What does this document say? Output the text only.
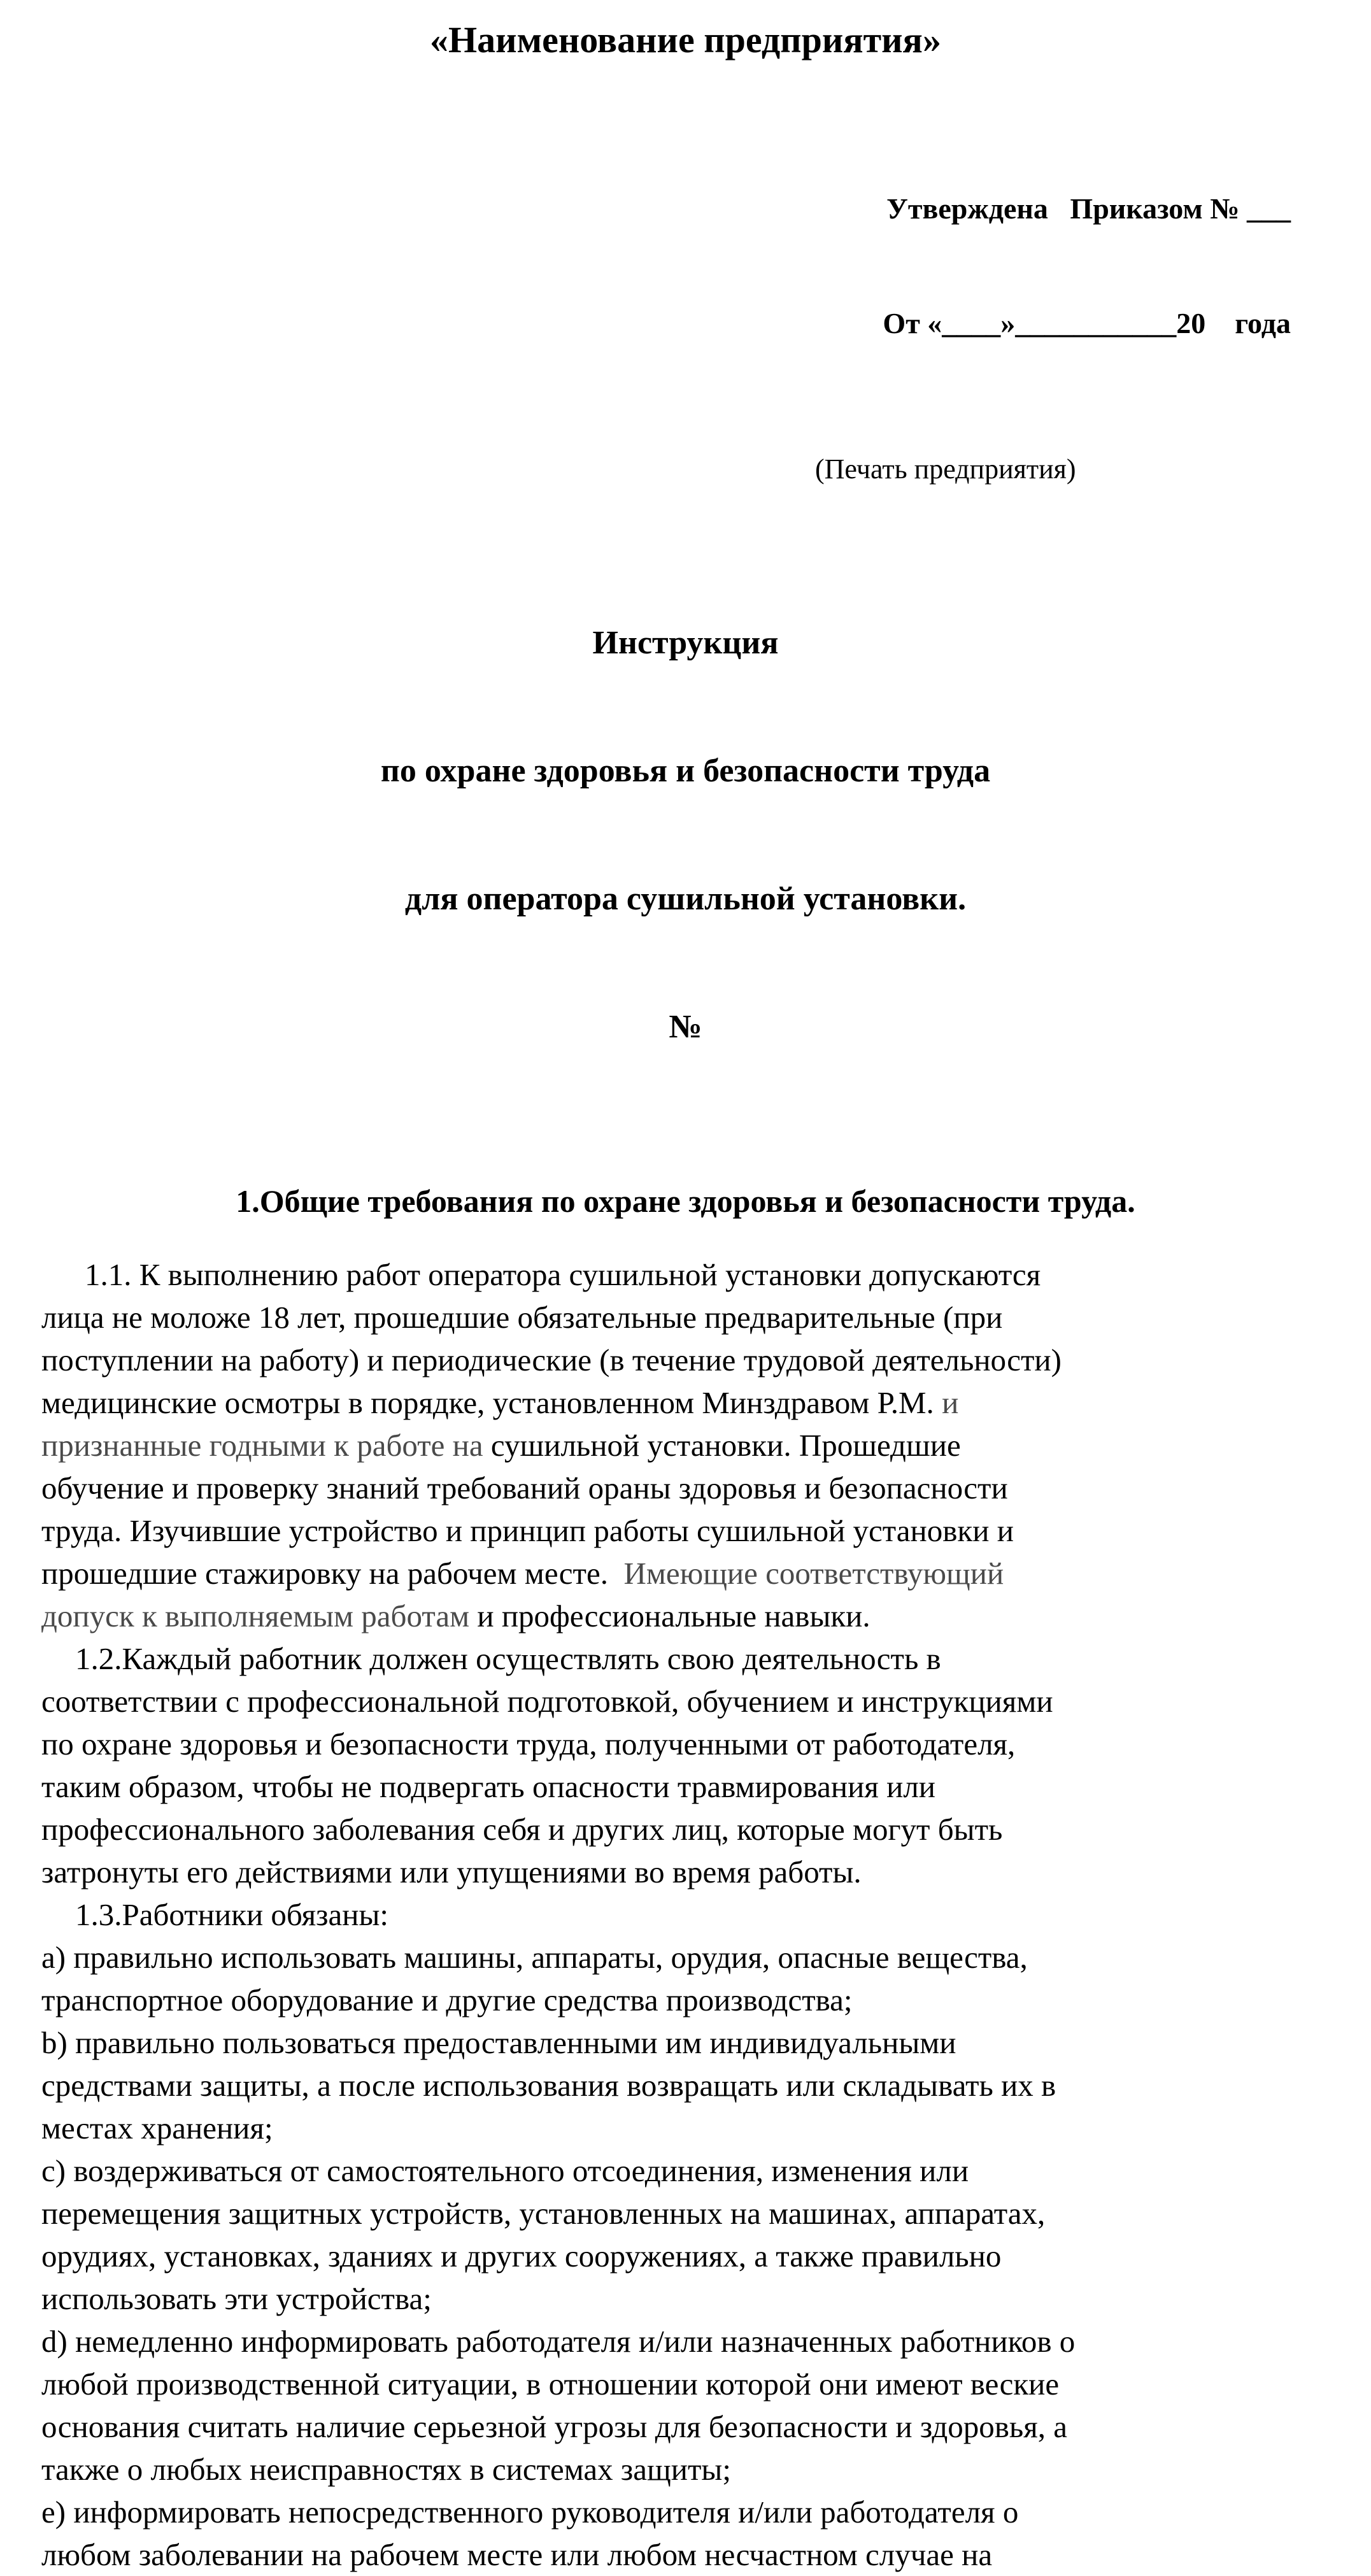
«Наименование предприятия»

Утверждена   Приказом № ___

От «____»___________20    года

(Печать предприятия)

Инструкция

по охране здоровья и безопасности труда

для оператора сушильной установки.

№

1.Общие требования по охране здоровья и безопасности труда.
1.1. К выполнению работ оператора сушильной установки допускаются
лица не моложе 18 лет, прошедшие обязательные предварительные (при
поступлении на работу) и периодические (в течение трудовой деятельности)
медицинские осмотры в порядке, установленном Минздравом Р.М. и
признанные годными к работе на сушильной установки. Прошедшие
обучение и проверку знаний требований ораны здоровья и безопасности
труда. Изучившие устройство и принцип работы сушильной установки и
прошедшие стажировку на рабочем месте.  Имеющие соответствующий
допуск к выполняемым работам и профессиональные навыки.
1.2.Каждый работник должен осуществлять свою деятельность в
соответствии с профессиональной подготовкой, обучением и инструкциями
по охране здоровья и безопасности труда, полученными от работодателя,
таким образом, чтобы не подвергать опасности травмирования или
профессионального заболевания себя и других лиц, которые могут быть
затронуты его действиями или упущениями во время работы.
1.3.Работники обязаны:
a) правильно использовать машины, аппараты, орудия, опасные вещества,
транспортное оборудование и другие средства производства;
b) правильно пользоваться предоставленными им индивидуальными
средствами защиты, а после использования возвращать или складывать их в
местах хранения;
c) воздерживаться от самостоятельного отсоединения, изменения или
перемещения защитных устройств, установленных на машинах, аппаратах,
орудиях, установках, зданиях и других сооружениях, а также правильно
использовать эти устройства;
d) немедленно информировать работодателя и/или назначенных работников о
любой производственной ситуации, в отношении которой они имеют веские
основания считать наличие серьезной угрозы для безопасности и здоровья, а
также о любых неисправностях в системах защиты;
e) информировать непосредственного руководителя и/или работодателя о
любом заболевании на рабочем месте или любом несчастном случае на
